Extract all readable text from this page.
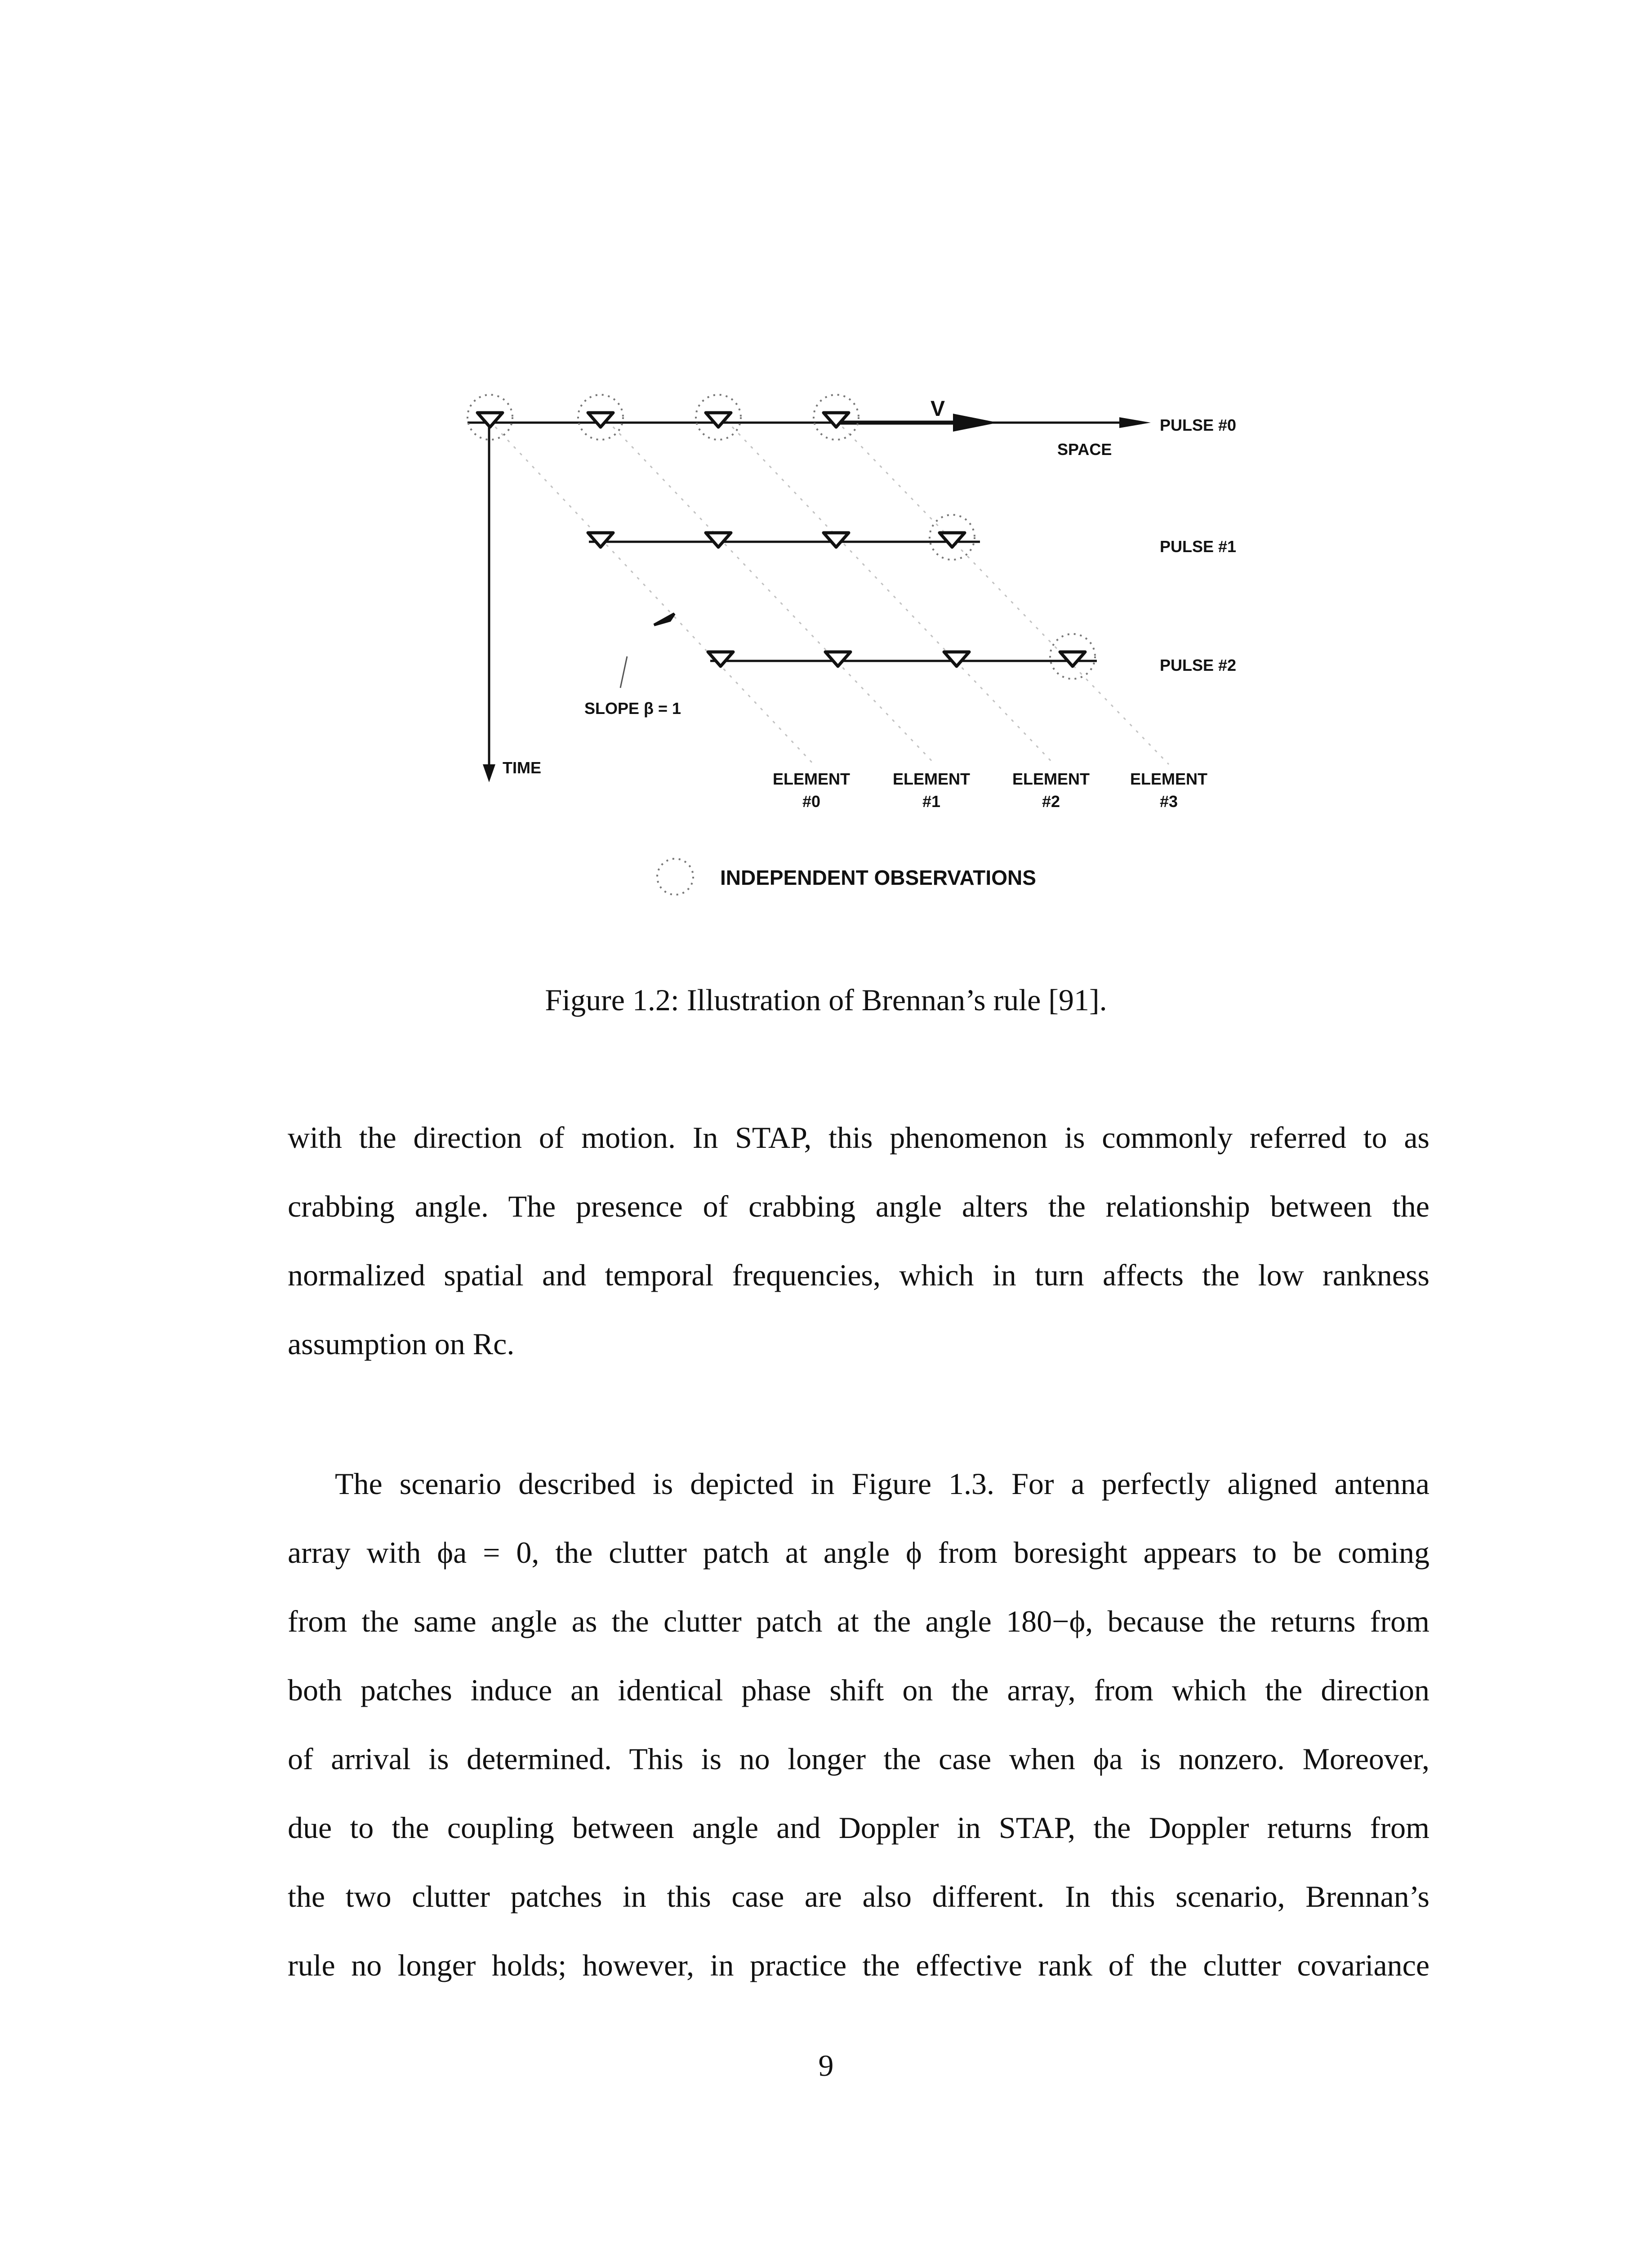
V
SPACE
TIME
SLOPE β = 1
PULSE #0
PULSE #1
PULSE #2
ELEMENT
#0
ELEMENT
#1
ELEMENT
#2
ELEMENT
#3
INDEPENDENT OBSERVATIONS
Figure 1.2: Illustration of Brennan’s rule [91].
with the direction of motion. In STAP, this phenomenon is commonly referred to as
crabbing angle. The presence of crabbing angle alters the relationship between the
normalized spatial and temporal frequencies, which in turn affects the low rankness
assumption on Rc.
The scenario described is depicted in Figure 1.3. For a perfectly aligned antenna
array with ϕa = 0, the clutter patch at angle ϕ from boresight appears to be coming
from the same angle as the clutter patch at the angle 180−ϕ, because the returns from
both patches induce an identical phase shift on the array, from which the direction
of arrival is determined. This is no longer the case when ϕa is nonzero. Moreover,
due to the coupling between angle and Doppler in STAP, the Doppler returns from
the two clutter patches in this case are also different. In this scenario, Brennan’s
rule no longer holds; however, in practice the effective rank of the clutter covariance
9
